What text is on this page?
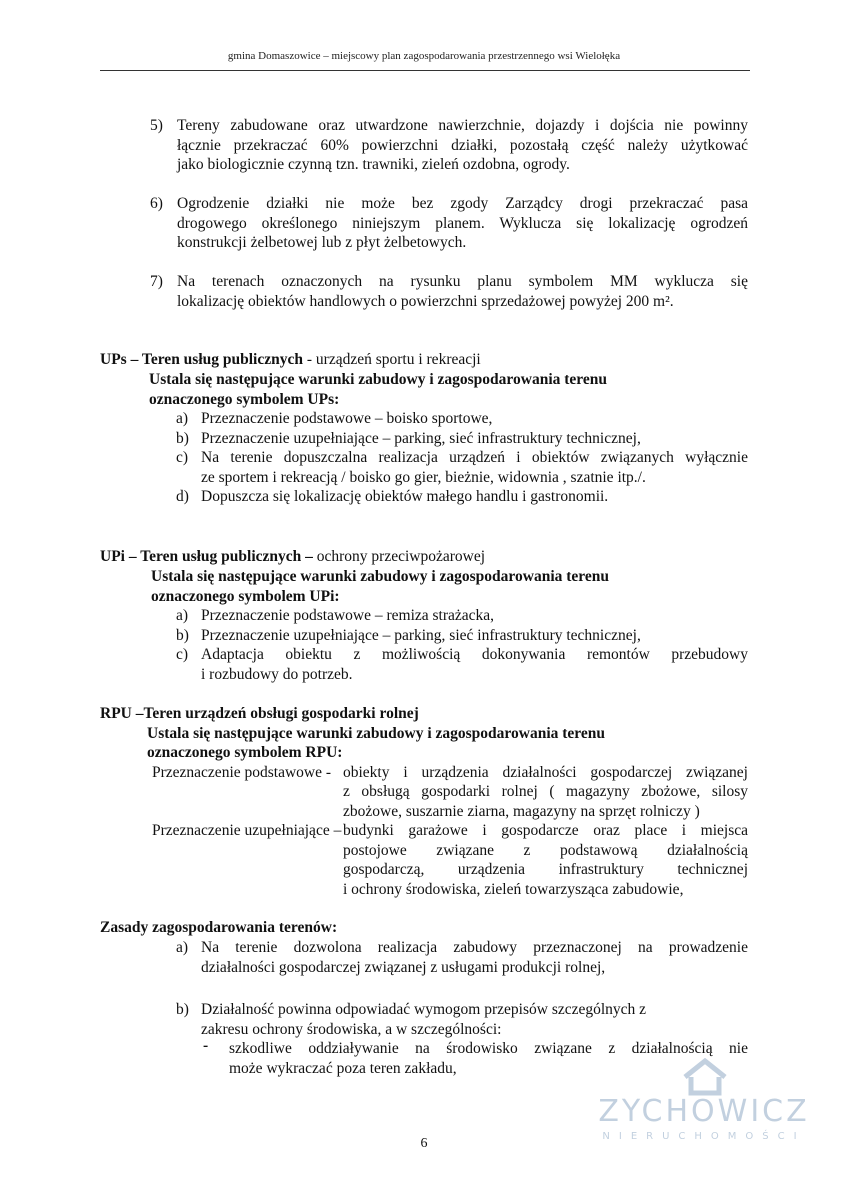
gmina Domaszowice – miejscowy plan zagospodarowania przestrzennego wsi Wielołęka
5) Tereny zabudowane oraz utwardzone nawierzchnie, dojazdy i dojścia nie powinny
łącznie przekraczać 60% powierzchni działki, pozostałą część należy użytkować
jako biologicznie czynną tzn. trawniki, zieleń ozdobna, ogrody.
6) Ogrodzenie działki nie może bez zgody Zarządcy drogi przekraczać pasa
drogowego określonego niniejszym planem. Wyklucza się lokalizację ogrodzeń
konstrukcji żelbetowej lub z płyt żelbetowych.
7) Na terenach oznaczonych na rysunku planu symbolem MM wyklucza się
lokalizację obiektów handlowych o powierzchni sprzedażowej powyżej 200 m².
UPs – Teren usług publicznych - urządzeń sportu i rekreacji
Ustala się następujące warunki zabudowy i zagospodarowania terenu
oznaczonego symbolem UPs:
a) Przeznaczenie podstawowe – boisko sportowe,
b) Przeznaczenie uzupełniające – parking, sieć infrastruktury technicznej,
c) Na terenie dopuszczalna realizacja urządzeń i obiektów związanych wyłącznie
ze sportem i rekreacją / boisko go gier, bieżnie, widownia , szatnie itp./.
d) Dopuszcza się lokalizację obiektów małego handlu i gastronomii.
UPi – Teren usług publicznych – ochrony przeciwpożarowej
Ustala się następujące warunki zabudowy i zagospodarowania terenu
oznaczonego symbolem UPi:
a) Przeznaczenie podstawowe – remiza strażacka,
b) Przeznaczenie uzupełniające – parking, sieć infrastruktury technicznej,
c) Adaptacja obiektu z możliwością dokonywania remontów przebudowy
i rozbudowy do potrzeb.
RPU –Teren urządzeń obsługi gospodarki rolnej
Ustala się następujące warunki zabudowy i zagospodarowania terenu
oznaczonego symbolem RPU:
Przeznaczenie podstawowe - obiekty i urządzenia działalności gospodarczej związanej
z obsługą gospodarki rolnej ( magazyny zbożowe, silosy
zbożowe, suszarnie ziarna, magazyny na sprzęt rolniczy )
Przeznaczenie uzupełniające – budynki garażowe i gospodarcze oraz place i miejsca
postojowe związane z podstawową działalnością
gospodarczą, urządzenia infrastruktury technicznej
i ochrony środowiska, zieleń towarzysząca zabudowie,
Zasady zagospodarowania terenów:
a) Na terenie dozwolona realizacja zabudowy przeznaczonej na prowadzenie
działalności gospodarczej związanej z usługami produkcji rolnej,
b) Działalność powinna odpowiadać wymogom przepisów szczególnych z
zakresu ochrony środowiska, a w szczególności:
- szkodliwe oddziaływanie na środowisko związane z działalnością nie
może wykraczać poza teren zakładu,
6
ZYCHOWICZ
NIERUCHOMOŚCI
